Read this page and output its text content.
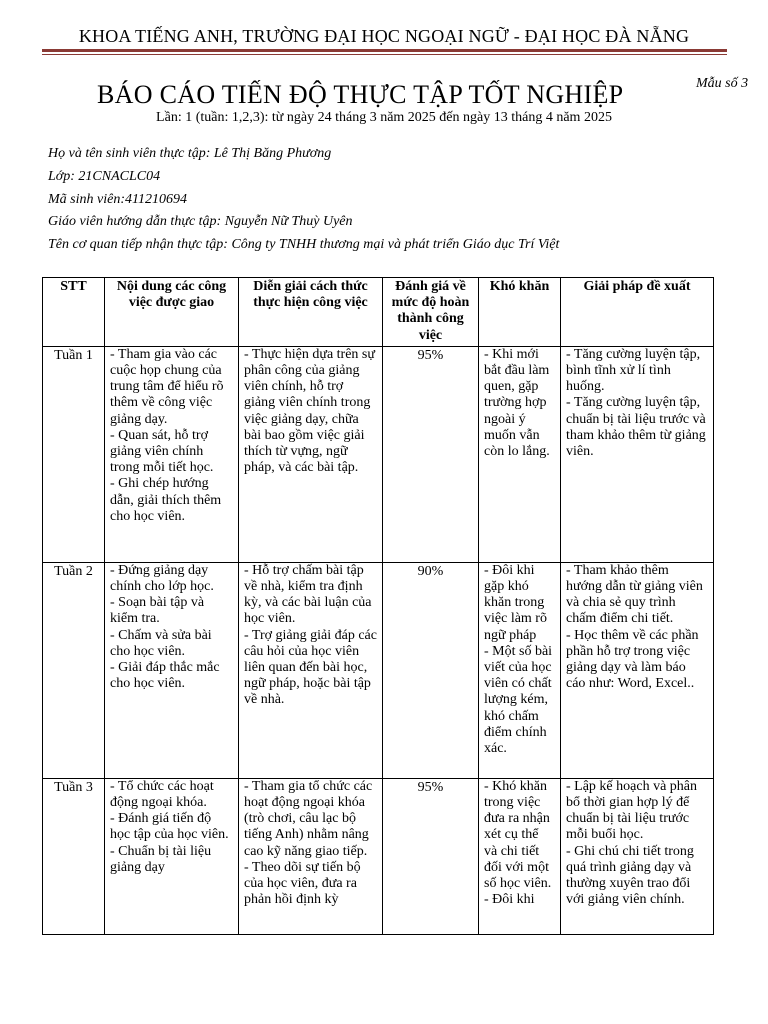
KHOA TIẾNG ANH, TRƯỜNG ĐẠI HỌC NGOẠI NGỮ - ĐẠI HỌC ĐÀ NẴNG
Mẫu số 3
BÁO CÁO TIẾN ĐỘ THỰC TẬP TỐT NGHIỆP
Lần: 1 (tuần: 1,2,3): từ ngày 24 tháng 3 năm 2025 đến ngày 13 tháng 4 năm 2025

Họ và tên sinh viên thực tập: Lê Thị Băng Phương

Lớp: 21CNACLC04

Mã sinh viên:411210694

Giáo viên hướng dẫn thực tập: Nguyễn Nữ Thuỳ Uyên

Tên cơ quan tiếp nhận thực tập: Công ty TNHH thương mại và phát triển Giáo dục Trí Việt

STT	Nội dung các công việc được giao	Diễn giải cách thức thực hiện công việc	Đánh giá về mức độ hoàn thành công việc	Khó khăn	Giải pháp đề xuất
Tuần 1	- Tham gia vào các cuộc họp chung của trung tâm để hiểu rõ thêm về công việc giảng dạy.
- Quan sát, hỗ trợ giảng viên chính trong mỗi tiết học.
- Ghi chép hướng dẫn, giải thích thêm cho học viên.	- Thực hiện dựa trên sự phân công của giảng viên chính, hỗ trợ giảng viên chính trong việc giảng dạy, chữa bài bao gồm việc giải thích từ vựng, ngữ pháp, và các bài tập.	95%	- Khi mới bắt đầu làm quen, gặp trường hợp ngoài ý muốn vẫn còn lo lắng.	- Tăng cường luyện tập, bình tĩnh xử lí tình huống.
- Tăng cường luyện tập, chuẩn bị tài liệu trước và tham khảo thêm từ giảng viên.

Tuần 2	- Đứng giảng dạy chính cho lớp học.
- Soạn bài tập và kiểm tra.
- Chấm và sửa bài cho học viên.
- Giải đáp thắc mắc cho học viên.	- Hỗ trợ chấm bài tập về nhà, kiểm tra định kỳ, và các bài luận của học viên.
- Trợ giảng giải đáp các câu hỏi của học viên liên quan đến bài học, ngữ pháp, hoặc bài tập về nhà.	90%	- Đôi khi gặp khó khăn trong việc làm rõ ngữ pháp
- Một số bài viết của học viên có chất lượng kém, khó chấm điểm chính xác.	- Tham khảo thêm hướng dẫn từ giảng viên và chia sẻ quy trình chấm điểm chi tiết.
- Học thêm về các phần phần hỗ trợ trong việc giảng dạy và làm báo cáo như: Word, Excel..

Tuần 3	- Tổ chức các hoạt động ngoại khóa.
- Đánh giá tiến độ học tập của học viên.
- Chuẩn bị tài liệu giảng dạy	- Tham gia tổ chức các hoạt động ngoại khóa (trò chơi, câu lạc bộ tiếng Anh) nhằm nâng cao kỹ năng giao tiếp.
- Theo dõi sự tiến bộ của học viên, đưa ra phản hồi định kỳ	95%	- Khó khăn trong việc đưa ra nhận xét cụ thể và chi tiết đối với một số học viên.
- Đôi khi	- Lập kế hoạch và phân bổ thời gian hợp lý để chuẩn bị tài liệu trước mỗi buổi học.
- Ghi chú chi tiết trong quá trình giảng dạy và thường xuyên trao đổi với giảng viên chính.
